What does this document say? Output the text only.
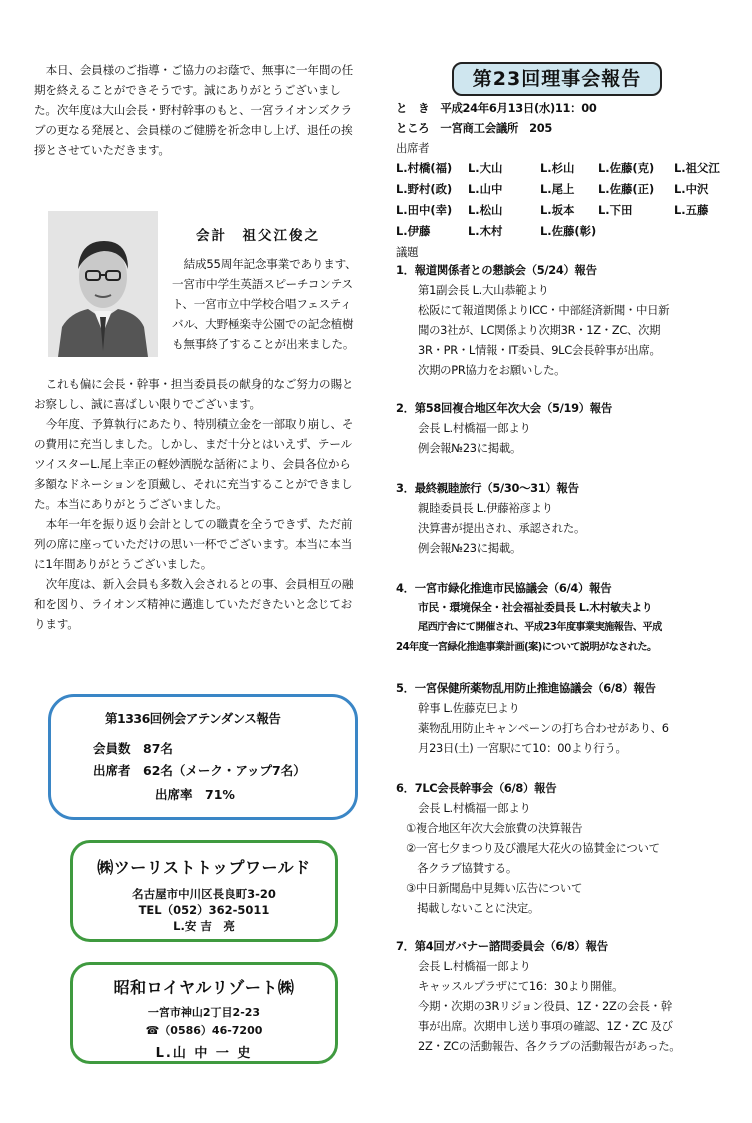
本日、会員様のご指導・ご協力のお蔭で、無事に一年間の任期を終えることができそうです。誠にありがとうございました。次年度は大山会長・野村幹事のもと、一宮ライオンズクラブの更なる発展と、会員様のご健勝を祈念申し上げ、退任の挨拶とさせていただきます。

会計　祖父江俊之

結成55周年記念事業であります、一宮市中学生英語スピーチコンテスト、一宮市立中学校合唱フェスティバル、大野極楽寺公園での記念植樹も無事終了することが出来ました。

これも偏に会長・幹事・担当委員長の献身的なご努力の賜とお察しし、誠に喜ばしい限りでございます。

今年度、予算執行にあたり、特別積立金を一部取り崩し、その費用に充当しました。しかし、まだ十分とはいえず、テールツイスターL.尾上幸正の軽妙洒脱な話術により、会員各位から多額なドネーションを頂戴し、それに充当することができました。本当にありがとうございました。

本年一年を振り返り会計としての職責を全うできず、ただ前列の席に座っていただけの思い一杯でございます。本当に本当に1年間ありがとうございました。

次年度は、新入会員も多数入会されるとの事、会員相互の融和を図り、ライオンズ精神に邁進していただきたいと念じております。

第1336回例会アテンダンス報告
会員数　87名
出席者　62名（メーク・アップ7名）
出席率　71%
㈱ツーリストトップワールド
名古屋市中川区長良町3-20
TEL（052）362-5011
L.安 吉　亮
昭和ロイヤルリゾート㈱
一宮市神山2丁目2-23
☎（0586）46-7200
L.山 中 一 史
第23回理事会報告
と　き　平成24年6月13日(水)11：00
ところ　一宮商工会議所　205
出席者
L.村橋(福)	L.大山	L.杉山	L.佐藤(克)	L.祖父江
L.野村(政)	L.山中	L.尾上	L.佐藤(正)	L.中沢
L.田中(幸)	L.松山	L.坂本	L.下田	L.五藤
L.伊藤	L.木村	L.佐藤(彰)
議題
1．報道関係者との懇談会（5/24）報告
第1副会長 L.大山恭範より
松阪にて報道関係よりICC・中部経済新聞・中日新
聞の3社が、LC関係より次期3R・1Z・ZC、次期
3R・PR・L情報・IT委員、9LC会長幹事が出席。
次期のPR協力をお願いした。
2．第58回複合地区年次大会（5/19）報告
会長 L.村橋福一郎より
例会報№23に掲載。
3．最終親睦旅行（5/30〜31）報告
親睦委員長 L.伊藤裕彦より
決算書が提出され、承認された。
例会報№23に掲載。
4．一宮市緑化推進市民協議会（6/4）報告
市民・環境保全・社会福祉委員長 L.木村敏夫より
尾西庁舎にて開催され、平成23年度事業実施報告、平成
24年度一宮緑化推進事業計画(案)について説明がなされた。
5．一宮保健所薬物乱用防止推進協議会（6/8）報告
幹事 L.佐藤克巳より
薬物乱用防止キャンペーンの打ち合わせがあり、6
月23日(土) 一宮駅にて10：00より行う。
6．7LC会長幹事会（6/8）報告
会長 L.村橋福一郎より
①複合地区年次大会旅費の決算報告
②一宮七夕まつり及び濃尾大花火の協賛金について
　各クラブ協賛する。
③中日新聞島中見舞い広告について
　掲載しないことに決定。
7．第4回ガバナー諮問委員会（6/8）報告
会長 L.村橋福一郎より
キャッスルプラザにて16：30より開催。
今期・次期の3Rリジョン役員、1Z・2Zの会長・幹
事が出席。次期申し送り事項の確認、1Z・ZC 及び
2Z・ZCの活動報告、各クラブの活動報告があった。
